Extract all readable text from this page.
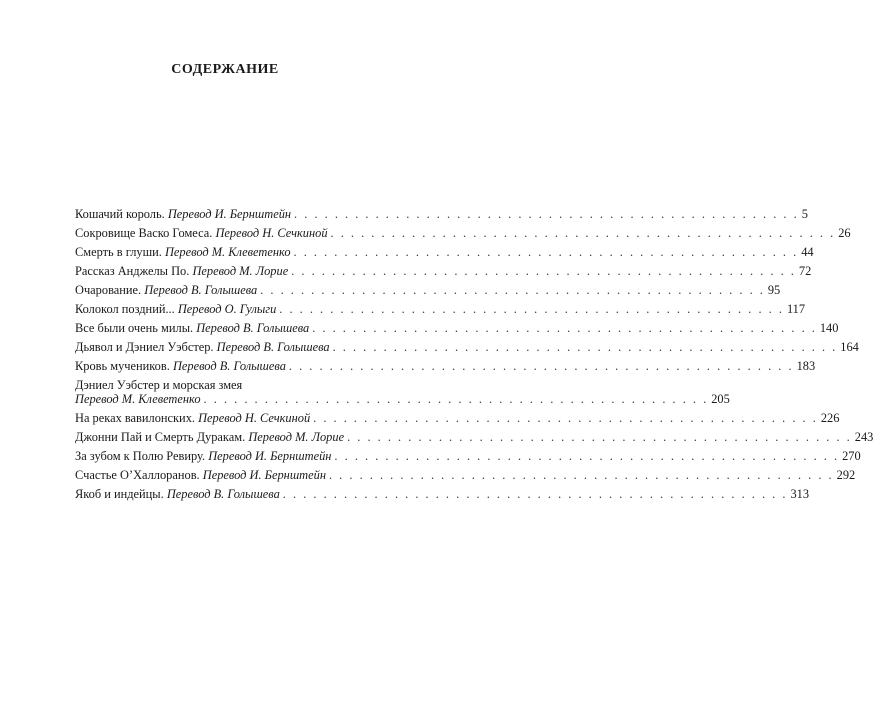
СОДЕРЖАНИЕ
Кошачий король.
Перевод И. Бернштейн . . . . . . . . . . . . . . . . . . . . . . . . . . . . . . . . . . . . . . . . . . . . . . . . . . 5
Сокровище Васко Гомеса.
Перевод Н. Сечкиной . . . . . . . . . . . . . . . . . . . . . . . . . . . . . . . . . . . . . . . . . . . . . . . . . . 26
Смерть в глуши.
Перевод М. Клеветенко . . . . . . . . . . . . . . . . . . . . . . . . . . . . . . . . . . . . . . . . . . . . . . . . . . 44
Рассказ Анджелы По.
Перевод М. Лорие . . . . . . . . . . . . . . . . . . . . . . . . . . . . . . . . . . . . . . . . . . . . . . . . . . 72
Очарование.
Перевод В. Голышева . . . . . . . . . . . . . . . . . . . . . . . . . . . . . . . . . . . . . . . . . . . . . . . . . . 95
Колокол поздний...
Перевод О. Гулыги . . . . . . . . . . . . . . . . . . . . . . . . . . . . . . . . . . . . . . . . . . . . . . . . . . 117
Все были очень милы.
Перевод В. Голышева . . . . . . . . . . . . . . . . . . . . . . . . . . . . . . . . . . . . . . . . . . . . . . . . . . 140
Дьявол и Дэниел Уэбстер.
Перевод В. Голышева . . . . . . . . . . . . . . . . . . . . . . . . . . . . . . . . . . . . . . . . . . . . . . . . . . 164
Кровь мучеников.
Перевод В. Голышева . . . . . . . . . . . . . . . . . . . . . . . . . . . . . . . . . . . . . . . . . . . . . . . . . . 183
Дэниел Уэбстер и морская змея
Перевод М. Клеветенко . . . . . . . . . . . . . . . . . . . . . . . . . . . . . . . . . . . . . . . . . . . . . . . . . . 205
На реках вавилонских.
Перевод Н. Сечкиной . . . . . . . . . . . . . . . . . . . . . . . . . . . . . . . . . . . . . . . . . . . . . . . . . . 226
Джонни Пай и Смерть Дуракам.
Перевод М. Лорие . . . . . . . . . . . . . . . . . . . . . . . . . . . . . . . . . . . . . . . . . . . . . . . . . . 243
За зубом к Полю Ревиру.
Перевод И. Бернштейн . . . . . . . . . . . . . . . . . . . . . . . . . . . . . . . . . . . . . . . . . . . . . . . . . . 270
Счастье О’Халлоранов.
Перевод И. Бернштейн . . . . . . . . . . . . . . . . . . . . . . . . . . . . . . . . . . . . . . . . . . . . . . . . . . 292
Якоб и индейцы.
Перевод В. Голышева . . . . . . . . . . . . . . . . . . . . . . . . . . . . . . . . . . . . . . . . . . . . . . . . . . 313
